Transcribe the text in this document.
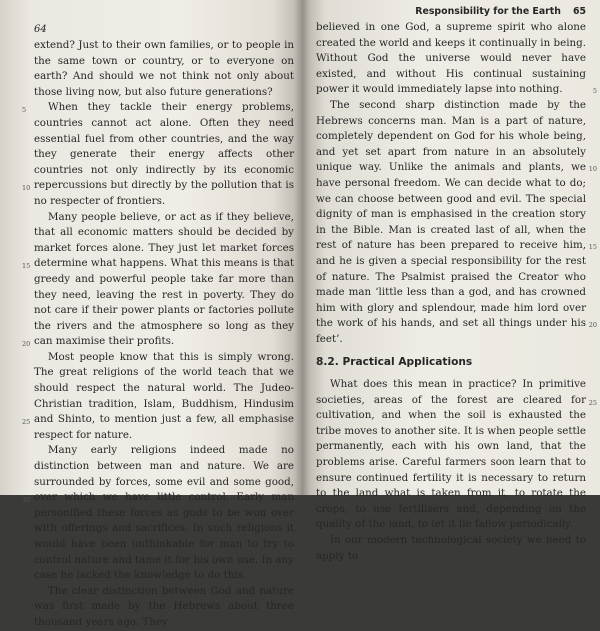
64

extend? Just to their own families, or to people in the same town or country, or to everyone on earth? And should we not think not only about those living now, but also future generations?

When they tackle their energy problems, countries cannot act alone. Often they need essential fuel from other countries, and the way they generate their energy affects other countries not only indirectly by its economic repercussions but directly by the pollution that is no respecter of frontiers.

Many people believe, or act as if they believe, that all economic matters should be decided by market forces alone. They just let market forces determine what happens. What this means is that greedy and powerful people take far more than they need, leaving the rest in poverty. They do not care if their power plants or factories pollute the rivers and the atmosphere so long as they can maximise their profits.

Most people know that this is simply wrong. The great religions of the world teach that we should respect the natural world. The Judeo-Christian tradition, Islam, Buddhism, Hindusim and Shinto, to mention just a few, all emphasise respect for nature.

Many early religions indeed made no distinction between man and nature. We are surrounded by forces, some evil and some good, over which we have little control. Early man personified these forces as gods to be won over with offerings and sacrifices. In such religions it would have been unthinkable for man to try to control nature and tame it for his own use. In any case he lacked the knowledge to do this.

The clear distinction between God and nature was first made by the Hebrews about three thousand years ago. They

5
10
15
20
25
30
Responsibility for the Earth 65

believed in one God, a supreme spirit who alone created the world and keeps it continually in being. Without God the universe would never have existed, and without His continual sustaining power it would immediately lapse into nothing.

The second sharp distinction made by the Hebrews concerns man. Man is a part of nature, completely dependent on God for his whole being, and yet set apart from nature in an absolutely unique way. Unlike the animals and plants, we have personal freedom. We can decide what to do; we can choose between good and evil. The special dignity of man is emphasised in the creation story in the Bible. Man is created last of all, when the rest of nature has been prepared to receive him, and he is given a special responsibility for the rest of nature. The Psalmist praised the Creator who made man ‘little less than a god, and has crowned him with glory and splendour, made him lord over the work of his hands, and set all things under his feet’.

8.2. Practical Applications

What does this mean in practice? In primitive societies, areas of the forest are cleared for cultivation, and when the soil is exhausted the tribe moves to another site. It is when people settle permanently, each with his own land, that the problems arise. Careful farmers soon learn that to ensure continued fertility it is necessary to return to the land what is taken from it, to rotate the crops, to use fertilisers and, depending on the quality of the land, to let it lie fallow periodically.

In our modern technological society we need to apply to

5
10
15
20
25
